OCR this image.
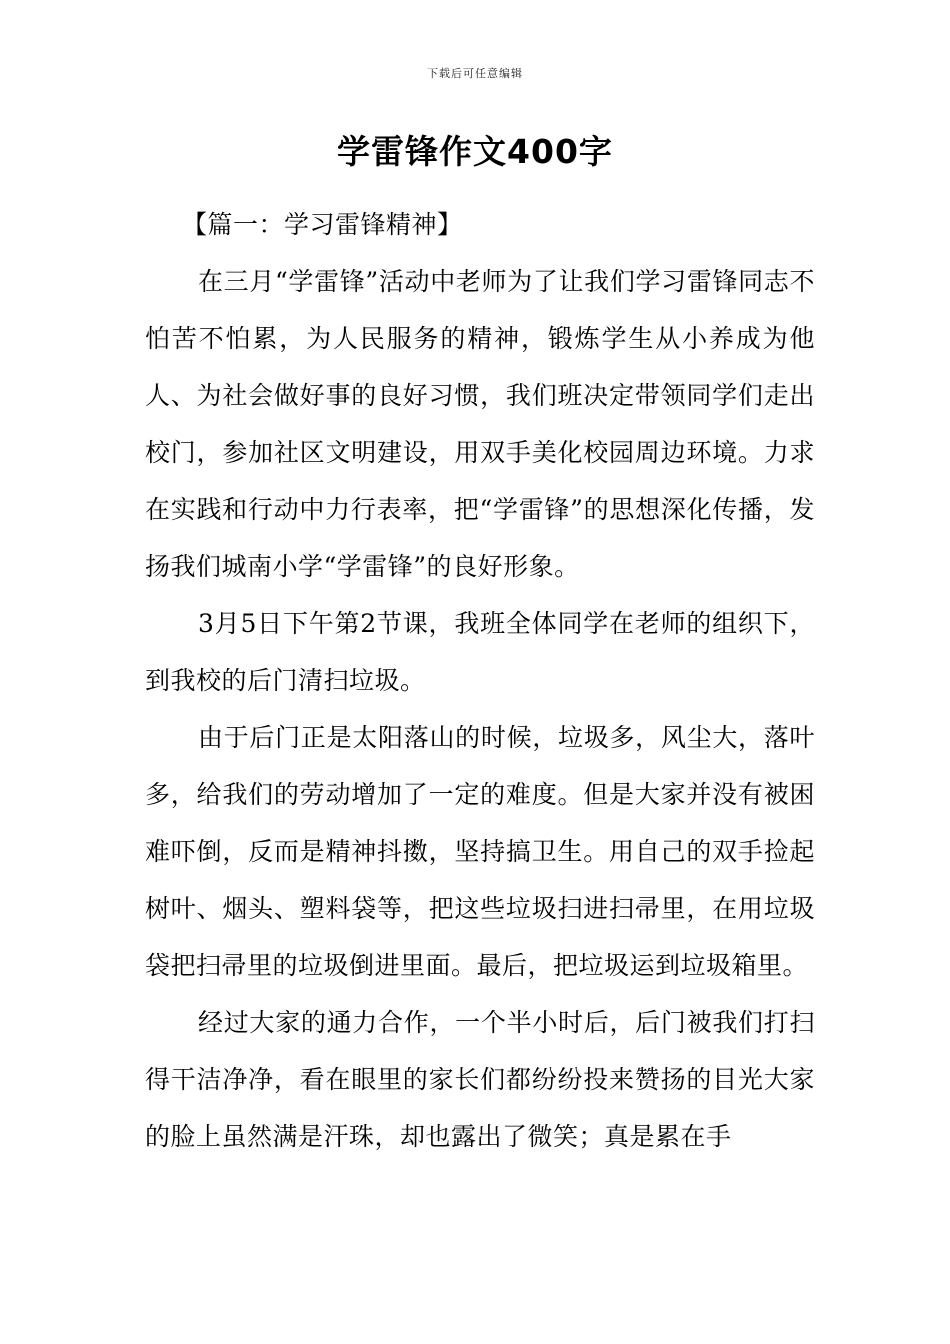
下载后可任意编辑
学雷锋作文400字

【篇一：学习雷锋精神】

在三月“学雷锋”活动中老师为了让我们学习雷锋同志不怕苦不怕累，为人民服务的精神，锻炼学生从小养成为他人、为社会做好事的良好习惯，我们班决定带领同学们走出校门，参加社区文明建设，用双手美化校园周边环境。力求在实践和行动中力行表率，把“学雷锋”的思想深化传播，发扬我们城南小学“学雷锋”的良好形象。

3月5日下午第2节课，我班全体同学在老师的组织下，到我校的后门清扫垃圾。

由于后门正是太阳落山的时候，垃圾多，风尘大，落叶多，给我们的劳动增加了一定的难度。但是大家并没有被困难吓倒，反而是精神抖擞，坚持搞卫生。用自己的双手捡起树叶、烟头、塑料袋等，把这些垃圾扫进扫帚里，在用垃圾袋把扫帚里的垃圾倒进里面。最后，把垃圾运到垃圾箱里。

经过大家的通力合作，一个半小时后，后门被我们打扫得干洁净净，看在眼里的家长们都纷纷投来赞扬的目光大家的脸上虽然满是汗珠，却也露出了微笑；真是累在手
